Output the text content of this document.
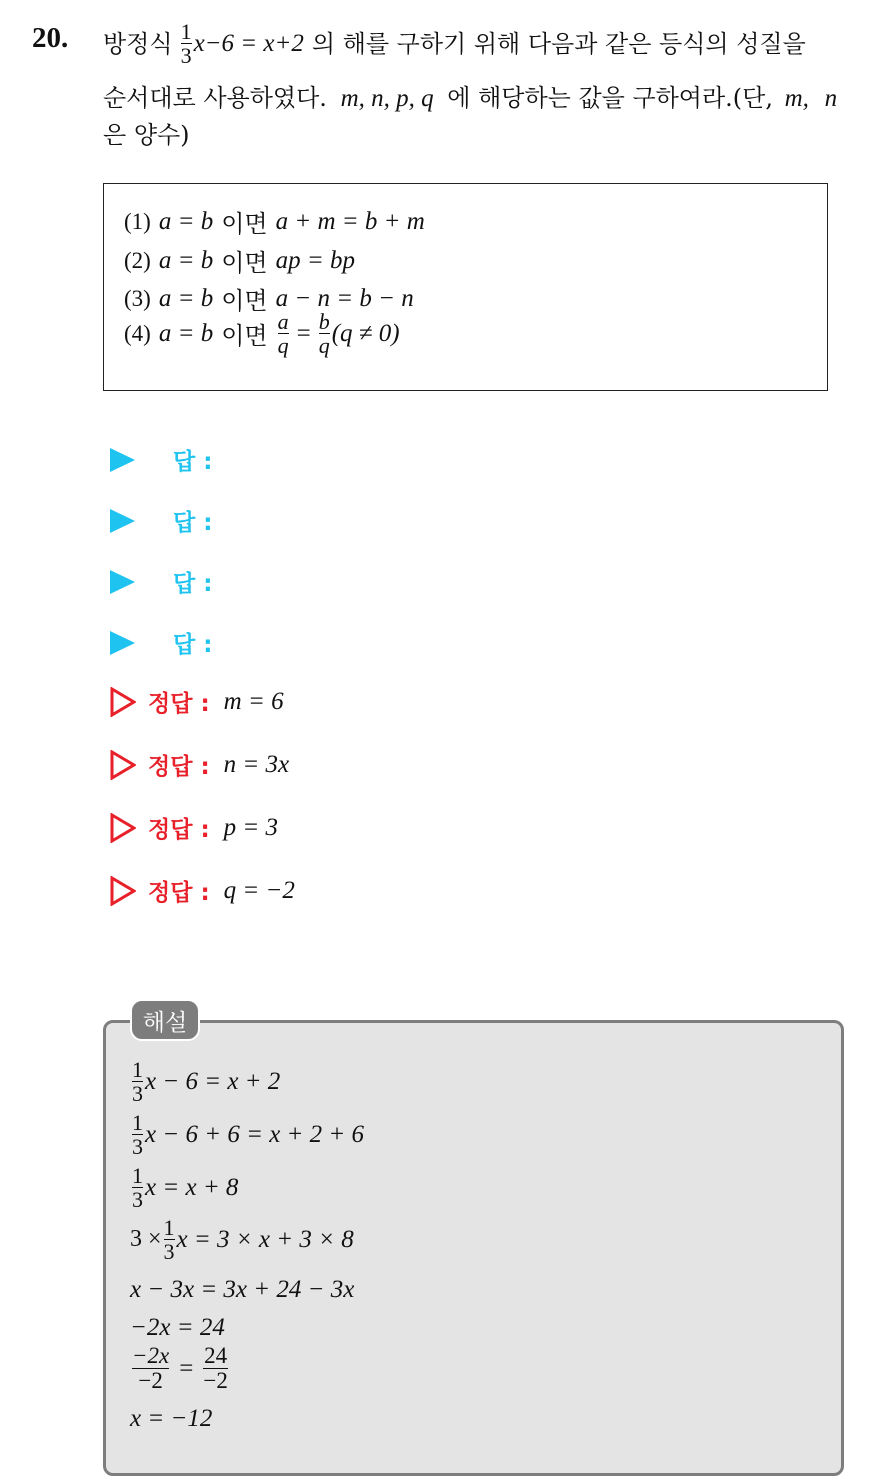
20. 방정식 $\frac{1}{3} x-6 = x+2$ 의 해를 구하기 위해 다음과 같은 등식의 성질을
순서대로 사용하였다. m, n, p, q 에 해당하는 값을 구하여라.(단, m, n
은 양수)
(1) a = b 이면 a + m = b + m
(2) a = b 이면 ap = bp
(3) a = b 이면 a − n = b − n
(4) a = b 이면 $\frac{a}{q} = \frac{b}{q} (q \ne 0)$
답 :
답 :
답 :
답 :
정답 : m = 6
정답 : n = 3x
정답 : p = 3
정답 : q = −2
해설
$\frac{1}{3}$ x − 6 = x + 2
$\frac{1}{3}$ x − 6 + 6 = x + 2 + 6
$\frac{1}{3}$ x = x + 8
$3 \times \frac{1}{3}$ x = 3 × x + 3 × 8
x − 3x = 3x + 24 − 3x
−2x = 24
$\frac{-2x}{-2} = \frac{24}{-2}$
x = −12
